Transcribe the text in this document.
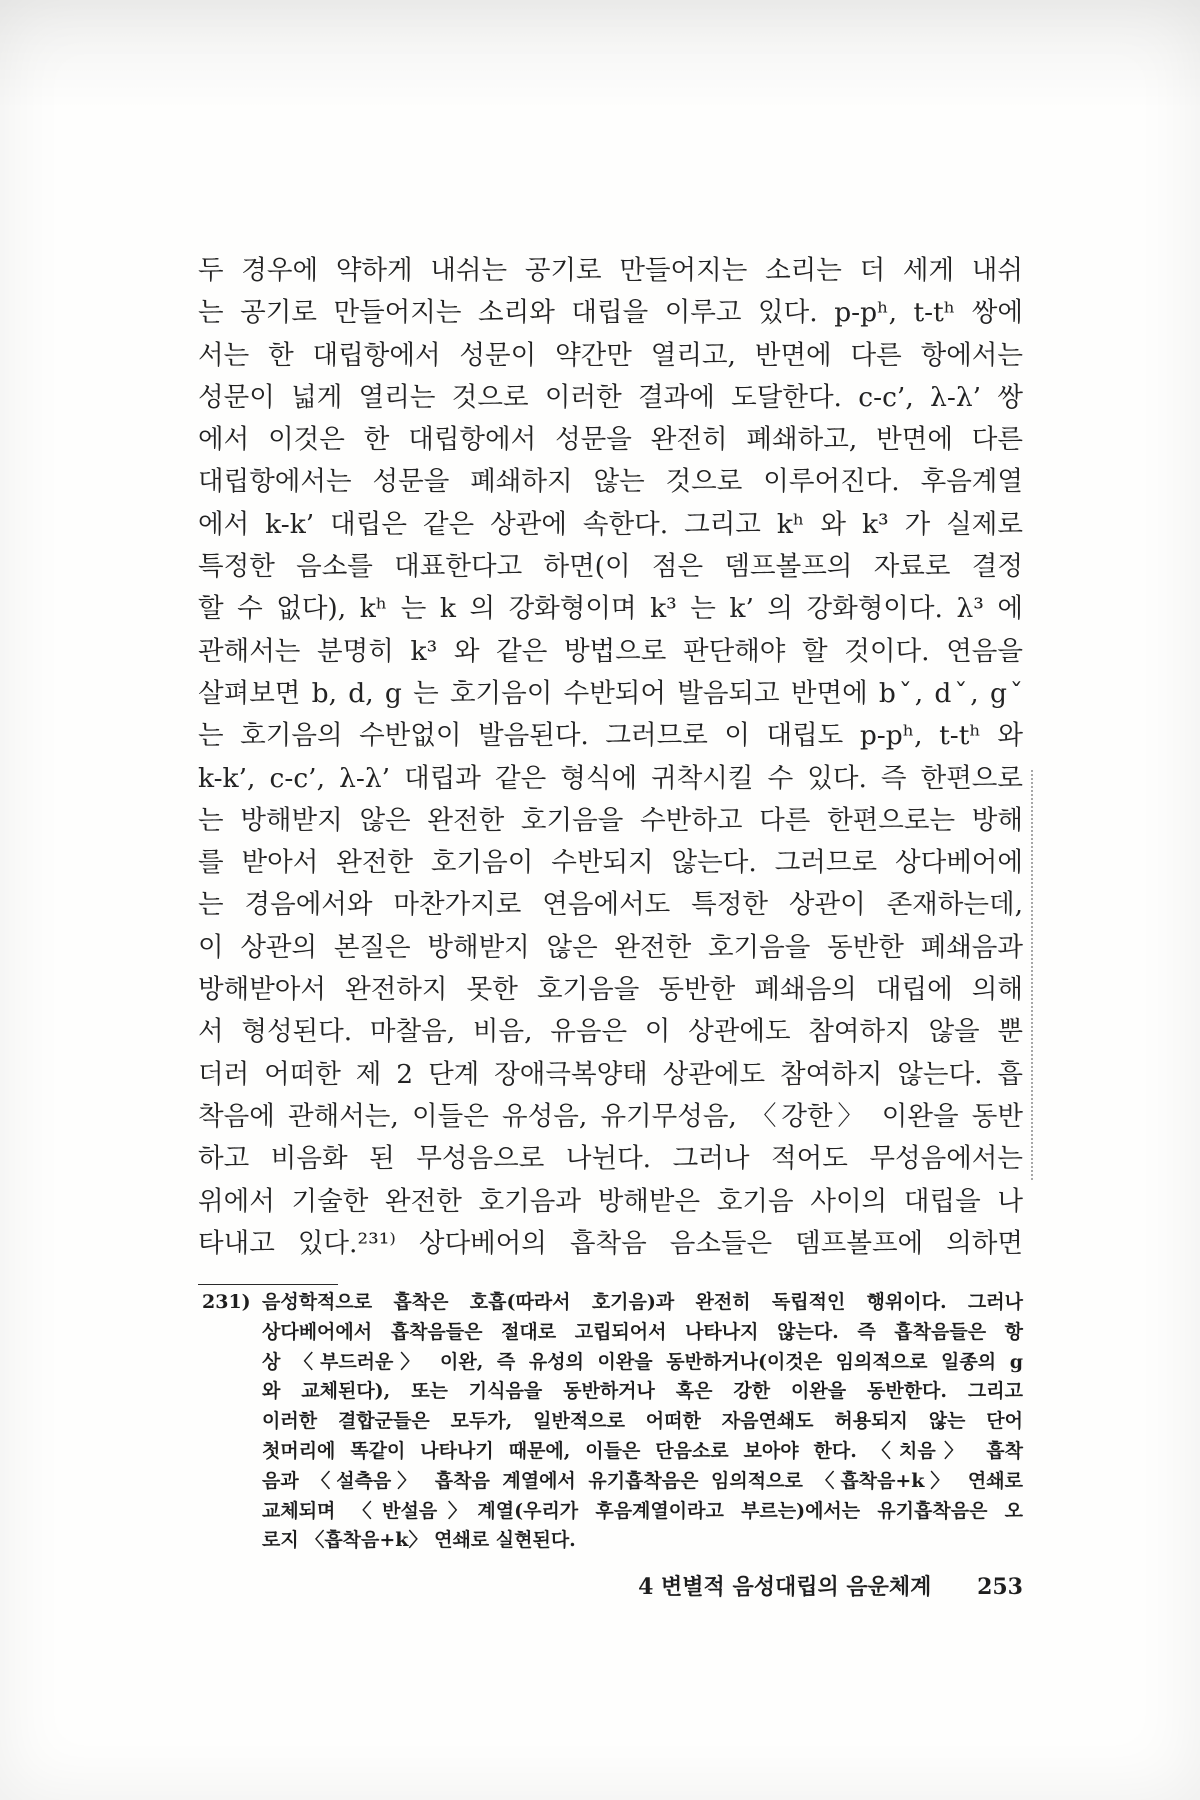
두 경우에 약하게 내쉬는 공기로 만들어지는 소리는 더 세게 내쉬
는 공기로 만들어지는 소리와 대립을 이루고 있다. p-pʰ, t-tʰ 쌍에
서는 한 대립항에서 성문이 약간만 열리고, 반면에 다른 항에서는
성문이 넓게 열리는 것으로 이러한 결과에 도달한다. c-c’, λ-λ’ 쌍
에서 이것은 한 대립항에서 성문을 완전히 폐쇄하고, 반면에 다른
대립항에서는 성문을 폐쇄하지 않는 것으로 이루어진다. 후음계열
에서 k-k’ 대립은 같은 상관에 속한다. 그리고 kʰ 와 k³ 가 실제로
특정한 음소를 대표한다고 하면(이 점은 뎀프볼프의 자료로 결정
할 수 없다), kʰ 는 k 의 강화형이며 k³ 는 k’ 의 강화형이다. λ³ 에
관해서는 분명히 k³ 와 같은 방법으로 판단해야 할 것이다. 연음을
살펴보면 b, d, g 는 호기음이 수반되어 발음되고 반면에 bˇ, dˇ, gˇ
는 호기음의 수반없이 발음된다. 그러므로 이 대립도 p-pʰ, t-tʰ 와
k-k’, c-c’, λ-λ’ 대립과 같은 형식에 귀착시킬 수 있다. 즉 한편으로
는 방해받지 않은 완전한 호기음을 수반하고 다른 한편으로는 방해
를 받아서 완전한 호기음이 수반되지 않는다. 그러므로 상다베어에
는 경음에서와 마찬가지로 연음에서도 특정한 상관이 존재하는데,
이 상관의 본질은 방해받지 않은 완전한 호기음을 동반한 폐쇄음과
방해받아서 완전하지 못한 호기음을 동반한 폐쇄음의 대립에 의해
서 형성된다. 마찰음, 비음, 유음은 이 상관에도 참여하지 않을 뿐
더러 어떠한 제 2 단계 장애극복양태 상관에도 참여하지 않는다. 흡
착음에 관해서는, 이들은 유성음, 유기무성음, 〈강한〉 이완을 동반
하고 비음화 된 무성음으로 나뉜다. 그러나 적어도 무성음에서는
위에서 기술한 완전한 호기음과 방해받은 호기음 사이의 대립을 나
타내고 있다.²³¹⁾ 상다베어의 흡착음 음소들은 뎀프볼프에 의하면
231) 음성학적으로 흡착은 호흡(따라서 호기음)과 완전히 독립적인 행위이다. 그러나
상다베어에서 흡착음들은 절대로 고립되어서 나타나지 않는다. 즉 흡착음들은 항
상 〈부드러운〉 이완, 즉 유성의 이완을 동반하거나(이것은 임의적으로 일종의 g
와 교체된다), 또는 기식음을 동반하거나 혹은 강한 이완을 동반한다. 그리고
이러한 결합군들은 모두가, 일반적으로 어떠한 자음연쇄도 허용되지 않는 단어
첫머리에 똑같이 나타나기 때문에, 이들은 단음소로 보아야 한다. 〈치음〉 흡착
음과 〈설측음〉 흡착음 계열에서 유기흡착음은 임의적으로 〈흡착음+k〉 연쇄로
교체되며 〈반설음〉계열(우리가 후음계열이라고 부르는)에서는 유기흡착음은 오
로지 〈흡착음+k〉 연쇄로 실현된다.
4 변별적 음성대립의 음운체계 253
